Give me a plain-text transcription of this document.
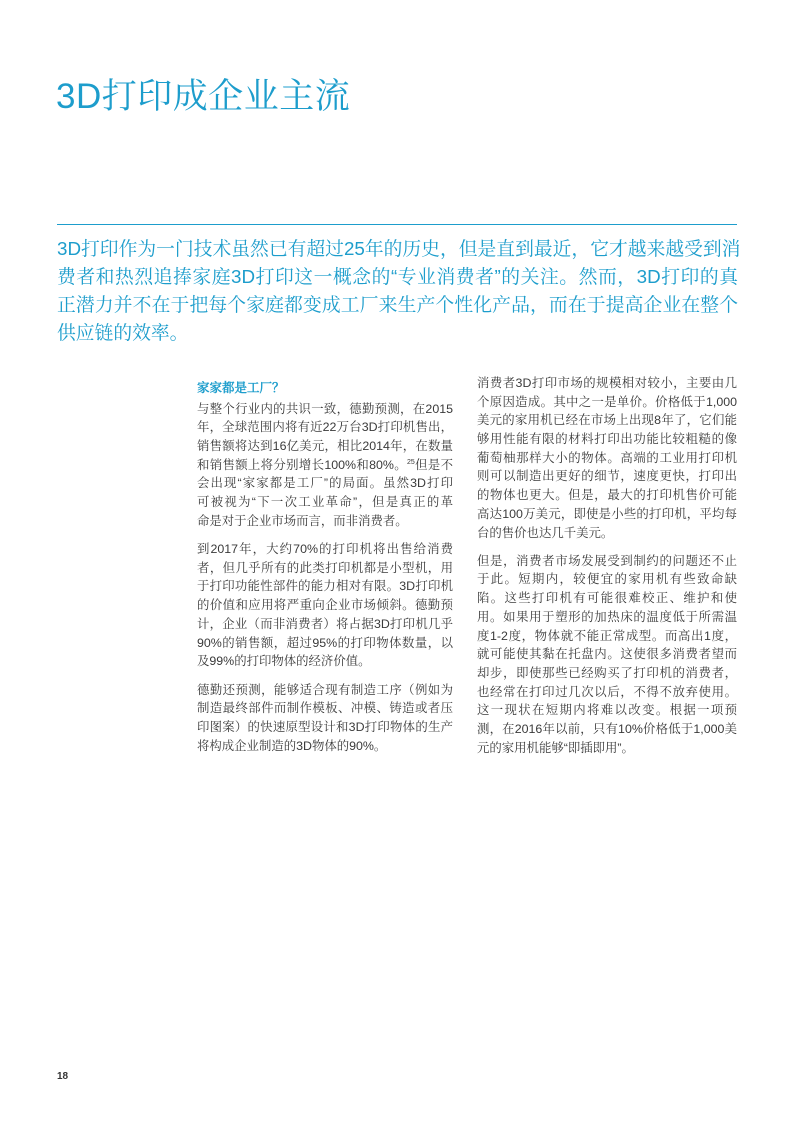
3D打印成企业主流
3D打印作为一门技术虽然已有超过25年的历史，但是直到最近，它才越来越受到消
费者和热烈追捧家庭3D打印这一概念的“专业消费者”的关注。然而，3D打印的真
正潜力并不在于把每个家庭都变成工厂来生产个性化产品，而在于提高企业在整个
供应链的效率。
家家都是工厂？
与整个行业内的共识一致，德勤预测，在2015
年，全球范围内将有近22万台3D打印机售出，
销售额将达到16亿美元，相比2014年，在数量
和销售额上将分别增长100%和80%。$^{25}$但是不
会出现“家家都是工厂”的局面。虽然3D打印
可被视为“下一次工业革命”，但是真正的革
命是对于企业市场而言，而非消费者。
到2017年，大约70%的打印机将出售给消费
者，但几乎所有的此类打印机都是小型机，用
于打印功能性部件的能力相对有限。3D打印机
的价值和应用将严重向企业市场倾斜。德勤预
计，企业（而非消费者）将占据3D打印机几乎
90%的销售额，超过95%的打印物体数量，以
及99%的打印物体的经济价值。
德勤还预测，能够适合现有制造工序（例如为
制造最终部件而制作模板、冲模、铸造或者压
印图案）的快速原型设计和3D打印物体的生产
将构成企业制造的3D物体的90%。
消费者3D打印市场的规模相对较小，主要由几
个原因造成。其中之一是单价。价格低于1,000
美元的家用机已经在市场上出现8年了，它们能
够用性能有限的材料打印出功能比较粗糙的像
葡萄柚那样大小的物体。高端的工业用打印机
则可以制造出更好的细节，速度更快，打印出
的物体也更大。但是，最大的打印机售价可能
高达100万美元，即使是小些的打印机，平均每
台的售价也达几千美元。
但是，消费者市场发展受到制约的问题还不止
于此。短期内，较便宜的家用机有些致命缺
陷。这些打印机有可能很难校正、维护和使
用。如果用于塑形的加热床的温度低于所需温
度1-2度，物体就不能正常成型。而高出1度，
就可能使其黏在托盘内。这使很多消费者望而
却步，即使那些已经购买了打印机的消费者，
也经常在打印过几次以后，不得不放弃使用。
这一现状在短期内将难以改变。根据一项预
测，在2016年以前，只有10%价格低于1,000美
元的家用机能够“即插即用”。
18
